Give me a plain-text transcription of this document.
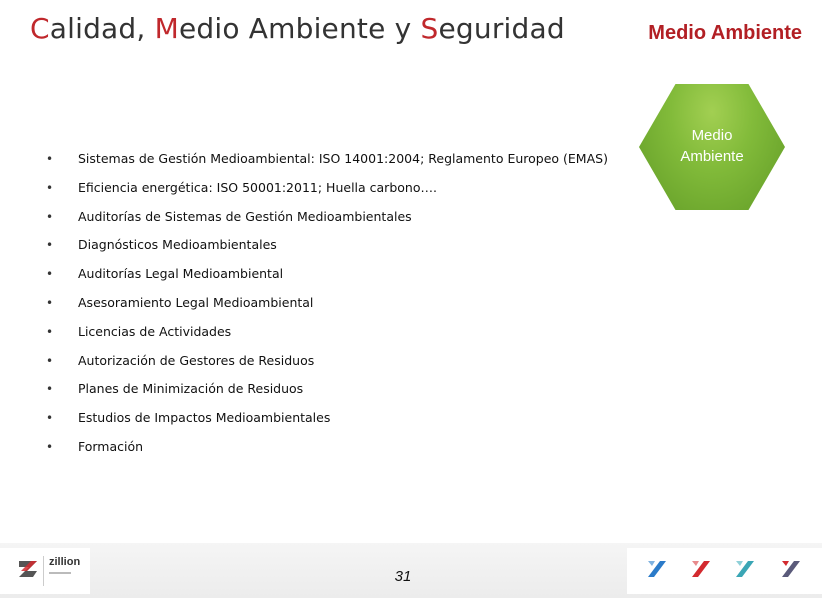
Calidad, Medio Ambiente y Seguridad	Medio Ambiente
Medio
Ambiente
• Sistemas de Gestión Medioambiental: ISO 14001:2004; Reglamento Europeo (EMAS)
• Eficiencia energética: ISO 50001:2011; Huella carbono….
• Auditorías de Sistemas de Gestión Medioambientales
• Diagnósticos Medioambientales
• Auditorías Legal Medioambiental
• Asesoramiento Legal Medioambiental
• Licencias de Actividades
• Autorización de Gestores de Residuos
• Planes de Minimización de Residuos
• Estudios de Impactos Medioambientales
• Formación
zillion
31
